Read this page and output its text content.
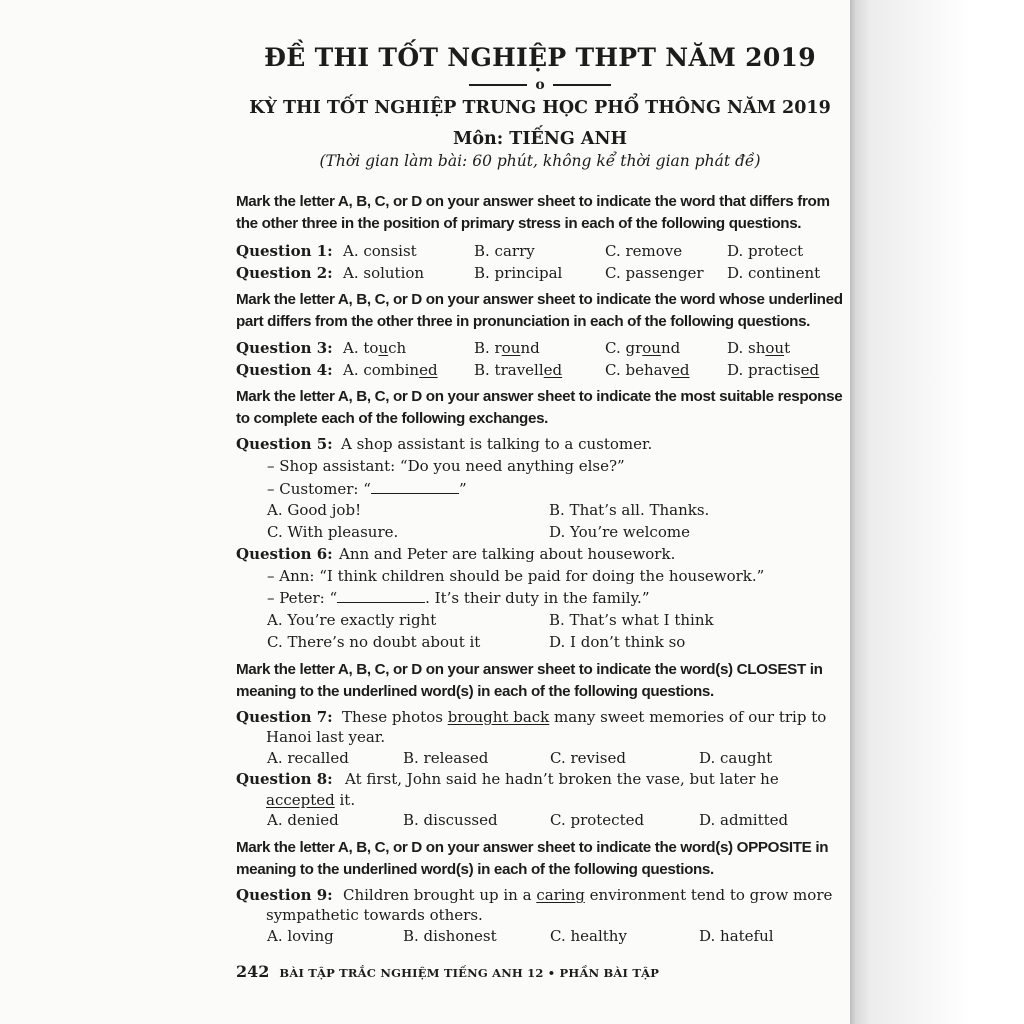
ĐỀ THI TỐT NGHIỆP THPT NĂM 2019
o
KỲ THI TỐT NGHIỆP TRUNG HỌC PHỔ THÔNG NĂM 2019
Môn: TIẾNG ANH
(Thời gian làm bài: 60 phút, không kể thời gian phát đề)
Mark the letter A, B, C, or D on your answer sheet to indicate the word that differs from
the other three in the position of primary stress in each of the following questions.
Question 1: A. consist	B. carry	C. remove	D. protect
Question 2: A. solution	B. principal	C. passenger D. continent
Mark the letter A, B, C, or D on your answer sheet to indicate the word whose underlined
part differs from the other three in pronunciation in each of the following questions.
Question 3: A. touch	B. round	C. ground	D. shout
Question 4: A. combined B. travelled	C. behaved D. practised
Mark the letter A, B, C, or D on your answer sheet to indicate the most suitable response
to complete each of the following exchanges.
Question 5: A shop assistant is talking to a customer.
– Shop assistant: “Do you need anything else?”
– Customer: “	”
A. Good job!	B. That’s all. Thanks.
C. With pleasure.	D. You’re welcome
Question 6: Ann and Peter are talking about housework.
– Ann: “I think children should be paid for doing the housework.”
– Peter: “	. It’s their duty in the family.”
A. You’re exactly right	B. That’s what I think
C. There’s no doubt about it	D. I don’t think so
Mark the letter A, B, C, or D on your answer sheet to indicate the word(s) CLOSEST in
meaning to the underlined word(s) in each of the following questions.
Question 7: These photos brought back many sweet memories of our trip to
Hanoi last year.
A. recalled	B. released	C. revised	D. caught
Question 8: At first, John said he hadn’t broken the vase, but later he
accepted it.
A. denied	B. discussed	C. protected	D. admitted
Mark the letter A, B, C, or D on your answer sheet to indicate the word(s) OPPOSITE in
meaning to the underlined word(s) in each of the following questions.
Question 9: Children brought up in a caring environment tend to grow more
sympathetic towards others.
A. loving	B. dishonest	C. healthy	D. hateful
242 BÀI TẬP TRẮC NGHIỆM TIẾNG ANH 12 • PHẦN BÀI TẬP
